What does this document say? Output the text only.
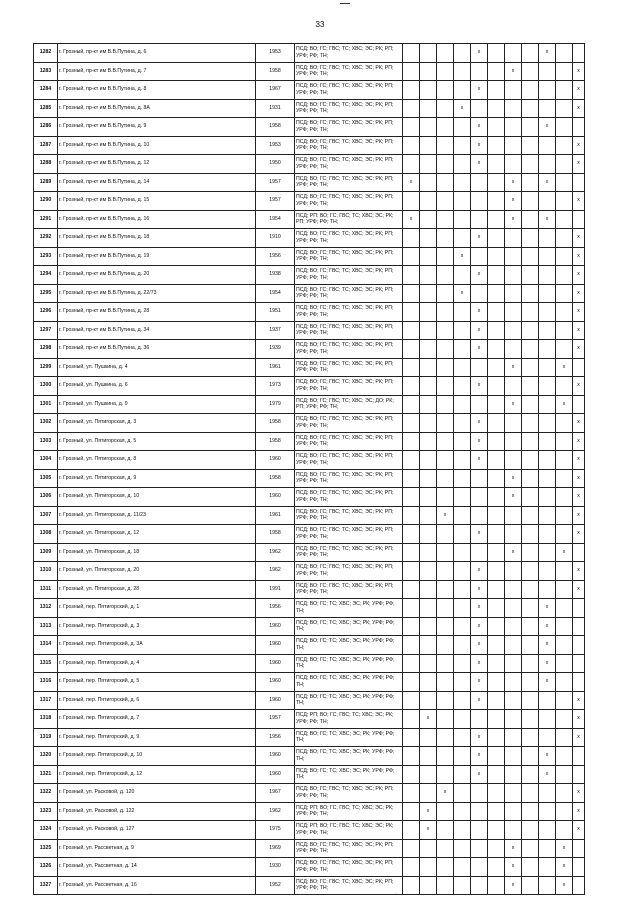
33
1282	г. Грозный, пр-кт им В.В.Путина, д. 6	1953	ПСД; ВО; ГС; ГВС; ТС; ХВС; ЭС; РК; РП; УРФ; РФ; ТН;					x				x		
1283	г. Грозный, пр-кт им В.В.Путина, д. 7	1958	ПСД; ВО; ГС; ГВС; ТС; ХВС; ЭС; РК; РП; УРФ; РФ; ТН;							x				x
1284	г. Грозный, пр-кт им В.В.Путина, д. 8	1967	ПСД; ВО; ГС; ГВС; ТС; ХВС; ЭС; РК; РП; УРФ; РФ; ТН;					x						x
1285	г. Грозный, пр-кт им В.В.Путина, д. 8А	1931	ПСД; ВО; ГС; ГВС; ТС; ХВС; ЭС; РК; РП; УРФ; РФ; ТН;				x							x
1286	г. Грозный, пр-кт им В.В.Путина, д. 9	1958	ПСД; ВО; ГС; ГВС; ТС; ХВС; ЭС; РК; РП; УРФ; РФ; ТН;					x				x		
1287	г. Грозный, пр-кт им В.В.Путина, д. 10	1953	ПСД; ВО; ГС; ГВС; ТС; ХВС; ЭС; РК; РП; УРФ; РФ; ТН;					x						x
1288	г. Грозный, пр-кт им В.В.Путина, д. 12	1950	ПСД; ВО; ГС; ГВС; ТС; ХВС; ЭС; РК; РП; УРФ; РФ; ТН;					x						x
1289	г. Грозный, пр-кт им В.В.Путина, д. 14	1957	ПСД; ВО; ГС; ГВС; ТС; ХВС; ЭС; РК; РП; УРФ; РФ; ТН;	x						x		x		
1290	г. Грозный, пр-кт им В.В.Путина, д. 15	1957	ПСД; ВО; ГС; ГВС; ТС; ХВС; ЭС; РК; РП; УРФ; РФ; ТН;							x				x
1291	г. Грозный, пр-кт им В.В.Путина, д. 16	1954	ПСД; РП; ВО; ГС; ГВС; ТС; ХВС; ЭС; РК; РП; УРФ; РФ; ТН;	x						x		x		
1292	г. Грозный, пр-кт им В.В.Путина, д. 18	1910	ПСД; ВО; ГС; ГВС; ТС; ХВС; ЭС; РК; РП; УРФ; РФ; ТН;					x						x
1293	г. Грозный, пр-кт им В.В.Путина, д. 19	1956	ПСД; ВО; ГС; ГВС; ТС; ХВС; ЭС; РК; РП; УРФ; РФ; ТН;				x							x
1294	г. Грозный, пр-кт им В.В.Путина, д. 20	1938	ПСД; ВО; ГС; ГВС; ТС; ХВС; ЭС; РК; РП; УРФ; РФ; ТН;					x						x
1295	г. Грозный, пр-кт им В.В.Путина, д. 22/73	1954	ПСД; ВО; ГС; ГВС; ТС; ХВС; ЭС; РК; РП; УРФ; РФ; ТН;				x							x
1296	г. Грозный, пр-кт им В.В.Путина, д. 28	1951	ПСД; ВО; ГС; ГВС; ТС; ХВС; ЭС; РК; РП; УРФ; РФ; ТН;					x						x
1297	г. Грозный, пр-кт им В.В.Путина, д. 34	1937	ПСД; ВО; ГС; ГВС; ТС; ХВС; ЭС; РК; РП; УРФ; РФ; ТН;					x						x
1298	г. Грозный, пр-кт им В.В.Путина, д. 36	1939	ПСД; ВО; ГС; ГВС; ТС; ХВС; ЭС; РК; РП; УРФ; РФ; ТН;					x						x
1299	г. Грозный, ул. Пушкина, д. 4	1961	ПСД; ВО; ГС; ГВС; ТС; ХВС; ЭС; РК; РП; УРФ; РФ; ТН;							x			x	
1300	г. Грозный, ул. Пушкина, д. 6	1973	ПСД; ВО; ГС; ГВС; ТС; ХВС; ЭС; РК; РП; УРФ; РФ; ТН;					x						x
1301	г. Грозный, ул. Пушкина, д. 9	1979	ПСД; ВО; ГС; ГВС; ТС; ХВС; ЭС; ДО; РК; РП; УРФ; РФ; ТН;							x			x	
1302	г. Грозный, ул. Пятигорская, д. 3	1958	ПСД; ВО; ГС; ГВС; ТС; ХВС; ЭС; РК; РП; УРФ; РФ; ТН;					x						x
1303	г. Грозный, ул. Пятигорская, д. 5	1958	ПСД; ВО; ГС; ГВС; ТС; ХВС; ЭС; РК; РП; УРФ; РФ; ТН;					x						x
1304	г. Грозный, ул. Пятигорская, д. 8	1960	ПСД; ВО; ГС; ГВС; ТС; ХВС; ЭС; РК; РП; УРФ; РФ; ТН;					x						x
1305	г. Грозный, ул. Пятигорская, д. 9	1958	ПСД; ВО; ГС; ГВС; ТС; ХВС; ЭС; РК; РП; УРФ; РФ; ТН;							x				x
1306	г. Грозный, ул. Пятигорская, д. 10	1960	ПСД; ВО; ГС; ГВС; ТС; ХВС; ЭС; РК; РП; УРФ; РФ; ТН;							x				x
1307	г. Грозный, ул. Пятигорская, д. 11/23	1961	ПСД; ВО; ГС; ГВС; ТС; ХВС; ЭС; РК; РП; УРФ; РФ; ТН;			x								x
1308	г. Грозный, ул. Пятигорская, д. 12	1958	ПСД; ВО; ГС; ГВС; ТС; ХВС; ЭС; РК; РП; УРФ; РФ; ТН;					x						x
1309	г. Грозный, ул. Пятигорская, д. 18	1962	ПСД; ВО; ГС; ГВС; ТС; ХВС; ЭС; РК; РП; УРФ; РФ; ТН;							x			x	
1310	г. Грозный, ул. Пятигорская, д. 20	1962	ПСД; ВО; ГС; ГВС; ТС; ХВС; ЭС; РК; РП; УРФ; РФ; ТН;					x						x
1311	г. Грозный, ул. Пятигорская, д. 28	1991	ПСД; ВО; ГС; ГВС; ТС; ХВС; ЭС; РК; РП; УРФ; РФ; ТН;					x						x
1312	г. Грозный, пер. Пятигорский, д. 1	1956	ПСД; ВО; ГС; ТС; ХВС; ЭС; РК; УРФ; РФ; ТН;					x				x		
1313	г. Грозный, пер. Пятигорский, д. 3	1960	ПСД; ВО; ГС; ТС; ХВС; ЭС; РК; УРФ; РФ; ТН;					x				x		
1314	г. Грозный, пер. Пятигорский, д. 3А	1960	ПСД; ВО; ГС; ТС; ХВС; ЭС; РК; УРФ; РФ; ТН;					x				x		
1315	г. Грозный, пер. Пятигорский, д. 4	1960	ПСД; ВО; ГС; ТС; ХВС; ЭС; РК; УРФ; РФ; ТН;					x				x		
1316	г. Грозный, пер. Пятигорский, д. 5	1960	ПСД; ВО; ГС; ТС; ХВС; ЭС; РК; УРФ; РФ; ТН;					x				x		
1317	г. Грозный, пер. Пятигорский, д. 6	1960	ПСД; ВО; ГС; ТС; ХВС; ЭС; РК; УРФ; РФ; ТН;					x						x
1318	г. Грозный, пер. Пятигорский, д. 7	1957	ПСД; РП; ВО; ГС; ГВС; ТС; ХВС; ЭС; РК; УРФ; РФ; ТН;		x									x
1319	г. Грозный, пер. Пятигорский, д. 9	1956	ПСД; ВО; ГС; ТС; ХВС; ЭС; РК; УРФ; РФ; ТН;					x						x
1320	г. Грозный, пер. Пятигорский, д. 10	1960	ПСД; ВО; ГС; ТС; ХВС; ЭС; РК; УРФ; РФ; ТН;					x				x		
1321	г. Грозный, пер. Пятигорский, д. 12	1960	ПСД; ВО; ГС; ТС; ХВС; ЭС; РК; УРФ; РФ; ТН;					x				x		
1322	г. Грозный, ул. Расковой, д. 120	1967	ПСД; ВО; ГС; ГВС; ТС; ХВС; ЭС; РК; РП; УРФ; РФ; ТН;			x								x
1323	г. Грозный, ул. Расковой, д. 122	1962	ПСД; РП; ВО; ГС; ГВС; ТС; ХВС; ЭС; РК; УРФ; РФ; ТН;		x									x
1324	г. Грозный, ул. Расковой, д. 127	1975	ПСД; РП; ВО; ГС; ГВС; ТС; ХВС; ЭС; РК; УРФ; РФ; ТН;		x									x
1325	г. Грозный, ул. Рассветная, д. 9	1969	ПСД; ВО; ГС; ГВС; ТС; ХВС; ЭС; РК; РП; УРФ; РФ; ТН;							x			x	
1326	г. Грозный, ул. Рассветная, д. 14	1930	ПСД; ВО; ГС; ГВС; ТС; ХВС; ЭС; РК; РП; УРФ; РФ; ТН;							x			x	
1327	г. Грозный, ул. Рассветная, д. 16	1952	ПСД; ВО; ГС; ГВС; ТС; ХВС; ЭС; РК; РП; УРФ; РФ; ТН;							x			x	
·
·
